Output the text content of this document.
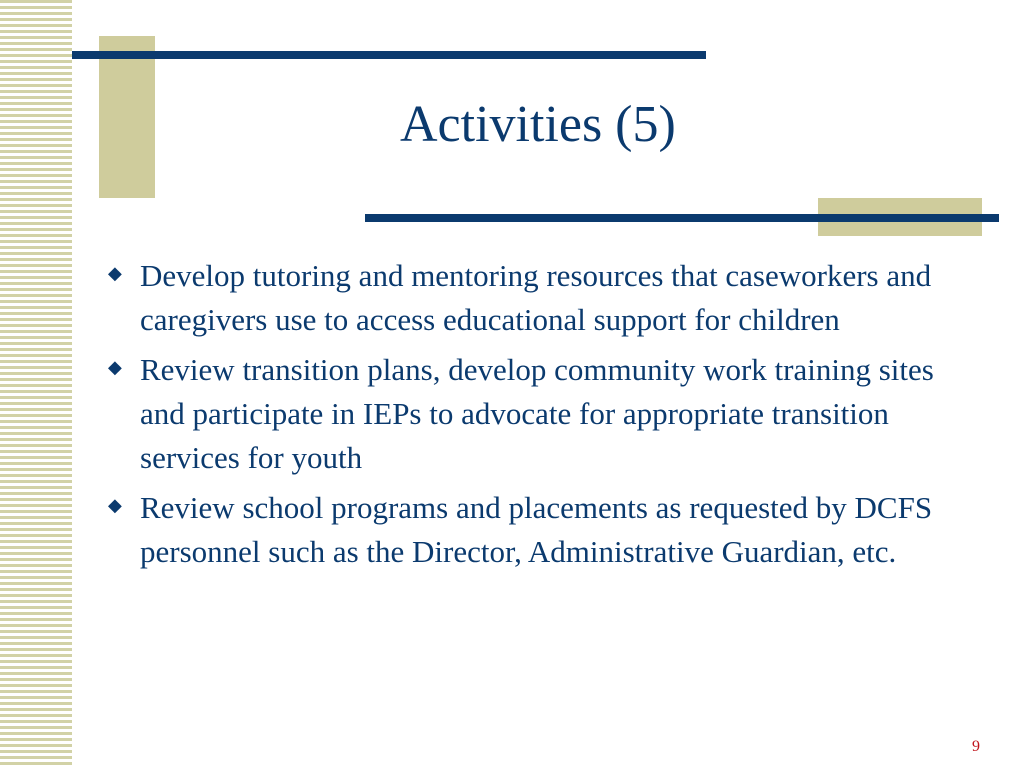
Activities (5)
◆ Develop tutoring and mentoring resources that caseworkers and caregivers use to access educational support for children
◆ Review transition plans, develop community work training sites and participate in IEPs to advocate for appropriate transition services for youth
◆ Review school programs and placements as requested by DCFS personnel such as the Director, Administrative Guardian, etc.
9
